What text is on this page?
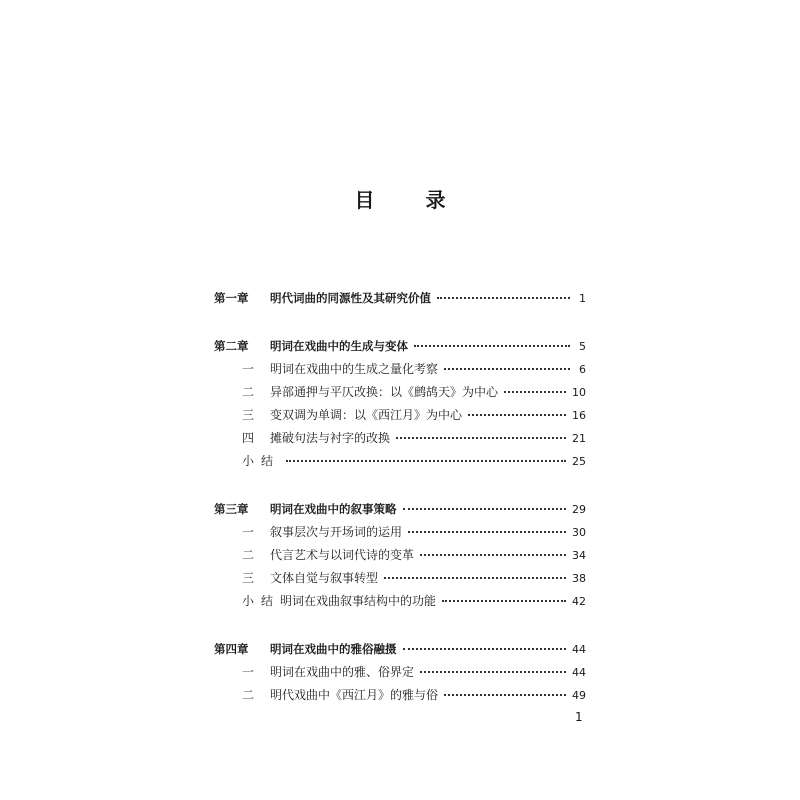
目 录
第一章	明代词曲的同源性及其研究价值	1
第二章	明词在戏曲中的生成与变体	5
一	明词在戏曲中的生成之量化考察	6
二	异部通押与平仄改换：以《鹧鸪天》为中心	10
三	变双调为单调：以《西江月》为中心	16
四	摊破句法与衬字的改换	21
小结	25
第三章	明词在戏曲中的叙事策略	29
一	叙事层次与开场词的运用	30
二	代言艺术与以词代诗的变革	34
三	文体自觉与叙事转型	38
小结 明词在戏曲叙事结构中的功能	42
第四章	明词在戏曲中的雅俗融摄	44
一	明词在戏曲中的雅、俗界定	44
二	明代戏曲中《西江月》的雅与俗	49
1
